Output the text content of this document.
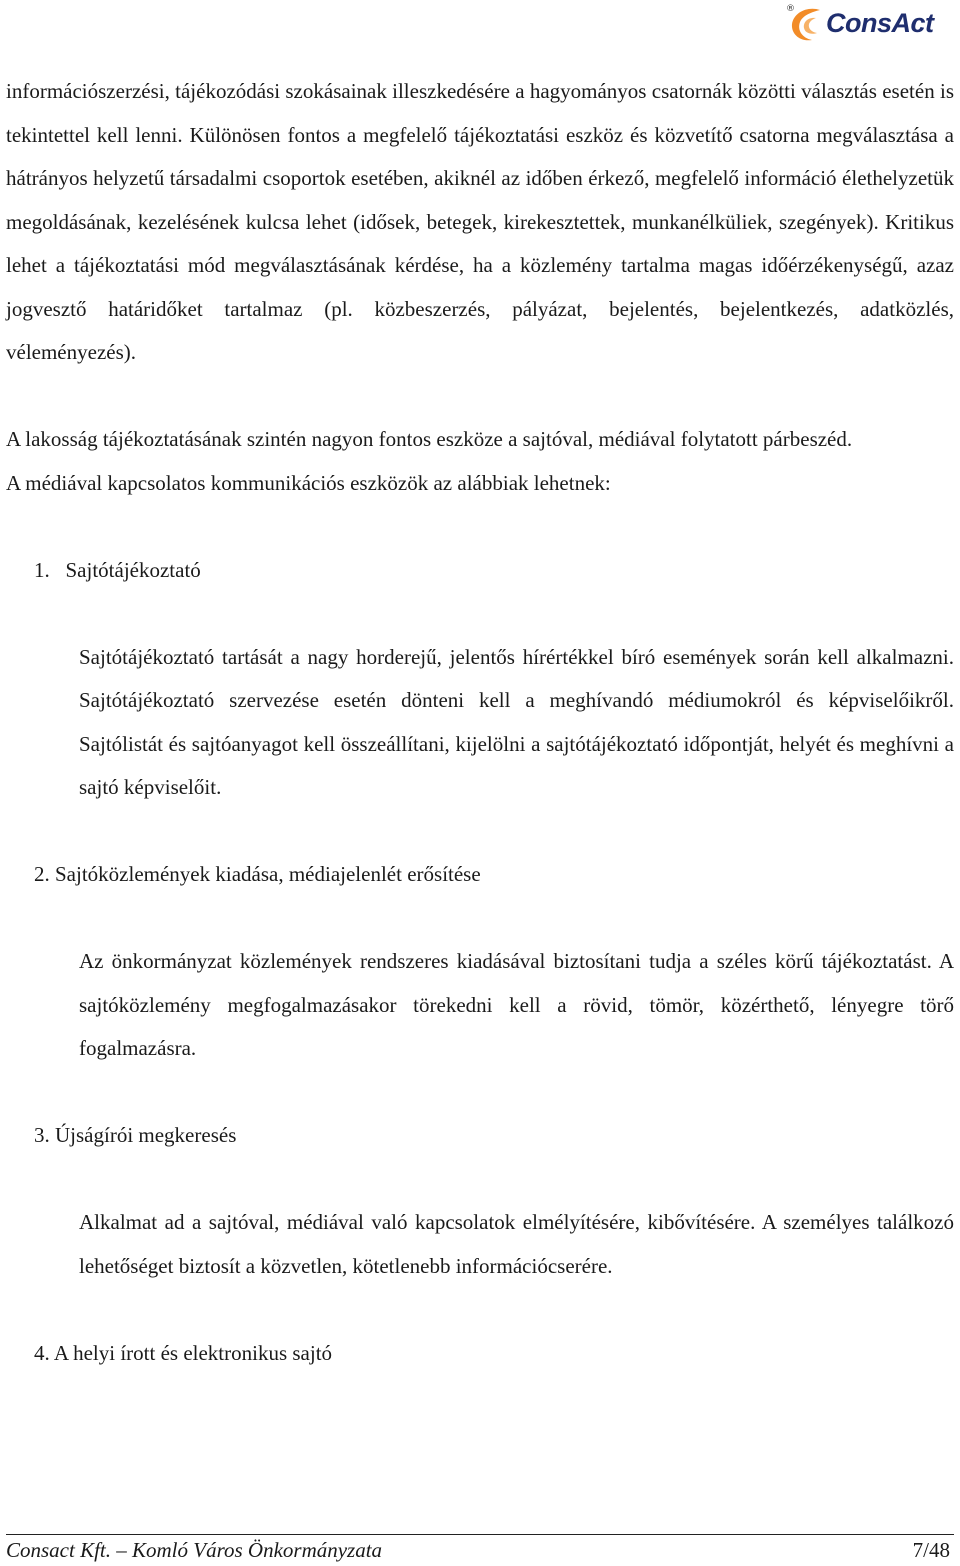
® ConsAct

információszerzési, tájékozódási szokásainak illeszkedésére a hagyományos csatornák közötti választás esetén is tekintettel kell lenni. Különösen fontos a megfelelő tájékoztatási eszköz és közvetítő csatorna megválasztása a hátrányos helyzetű társadalmi csoportok esetében, akiknél az időben érkező, megfelelő információ élethelyzetük megoldásának, kezelésének kulcsa lehet (idősek, betegek, kirekesztettek, munkanélküliek, szegények). Kritikus lehet a tájékoztatási mód megválasztásának kérdése, ha a közlemény tartalma magas időérzékenységű, azaz jogvesztő határidőket tartalmaz (pl. közbeszerzés, pályázat, bejelentés, bejelentkezés, adatközlés, véleményezés).

A lakosság tájékoztatásának szintén nagyon fontos eszköze a sajtóval, médiával folytatott párbeszéd.

A médiával kapcsolatos kommunikációs eszközök az alábbiak lehetnek:

1.   Sajtótájékoztató

Sajtótájékoztató tartását a nagy horderejű, jelentős hírértékkel bíró események során kell alkalmazni. Sajtótájékoztató szervezése esetén dönteni kell a meghívandó médiumokról és képviselőikről. Sajtólistát és sajtóanyagot kell összeállítani, kijelölni a sajtótájékoztató időpontját, helyét és meghívni a sajtó képviselőit.

2. Sajtóközlemények kiadása, médiajelenlét erősítése

Az önkormányzat közlemények rendszeres kiadásával biztosítani tudja a széles körű tájékoztatást. A sajtóközlemény megfogalmazásakor törekedni kell a rövid, tömör, közérthető, lényegre törő fogalmazásra.

3. Újságírói megkeresés

Alkalmat ad a sajtóval, médiával való kapcsolatok elmélyítésére, kibővítésére. A személyes találkozó lehetőséget biztosít a közvetlen, kötetlenebb információcserére.

4. A helyi írott és elektronikus sajtó

Consact Kft. – Komló Város Önkormányzata	7/48
